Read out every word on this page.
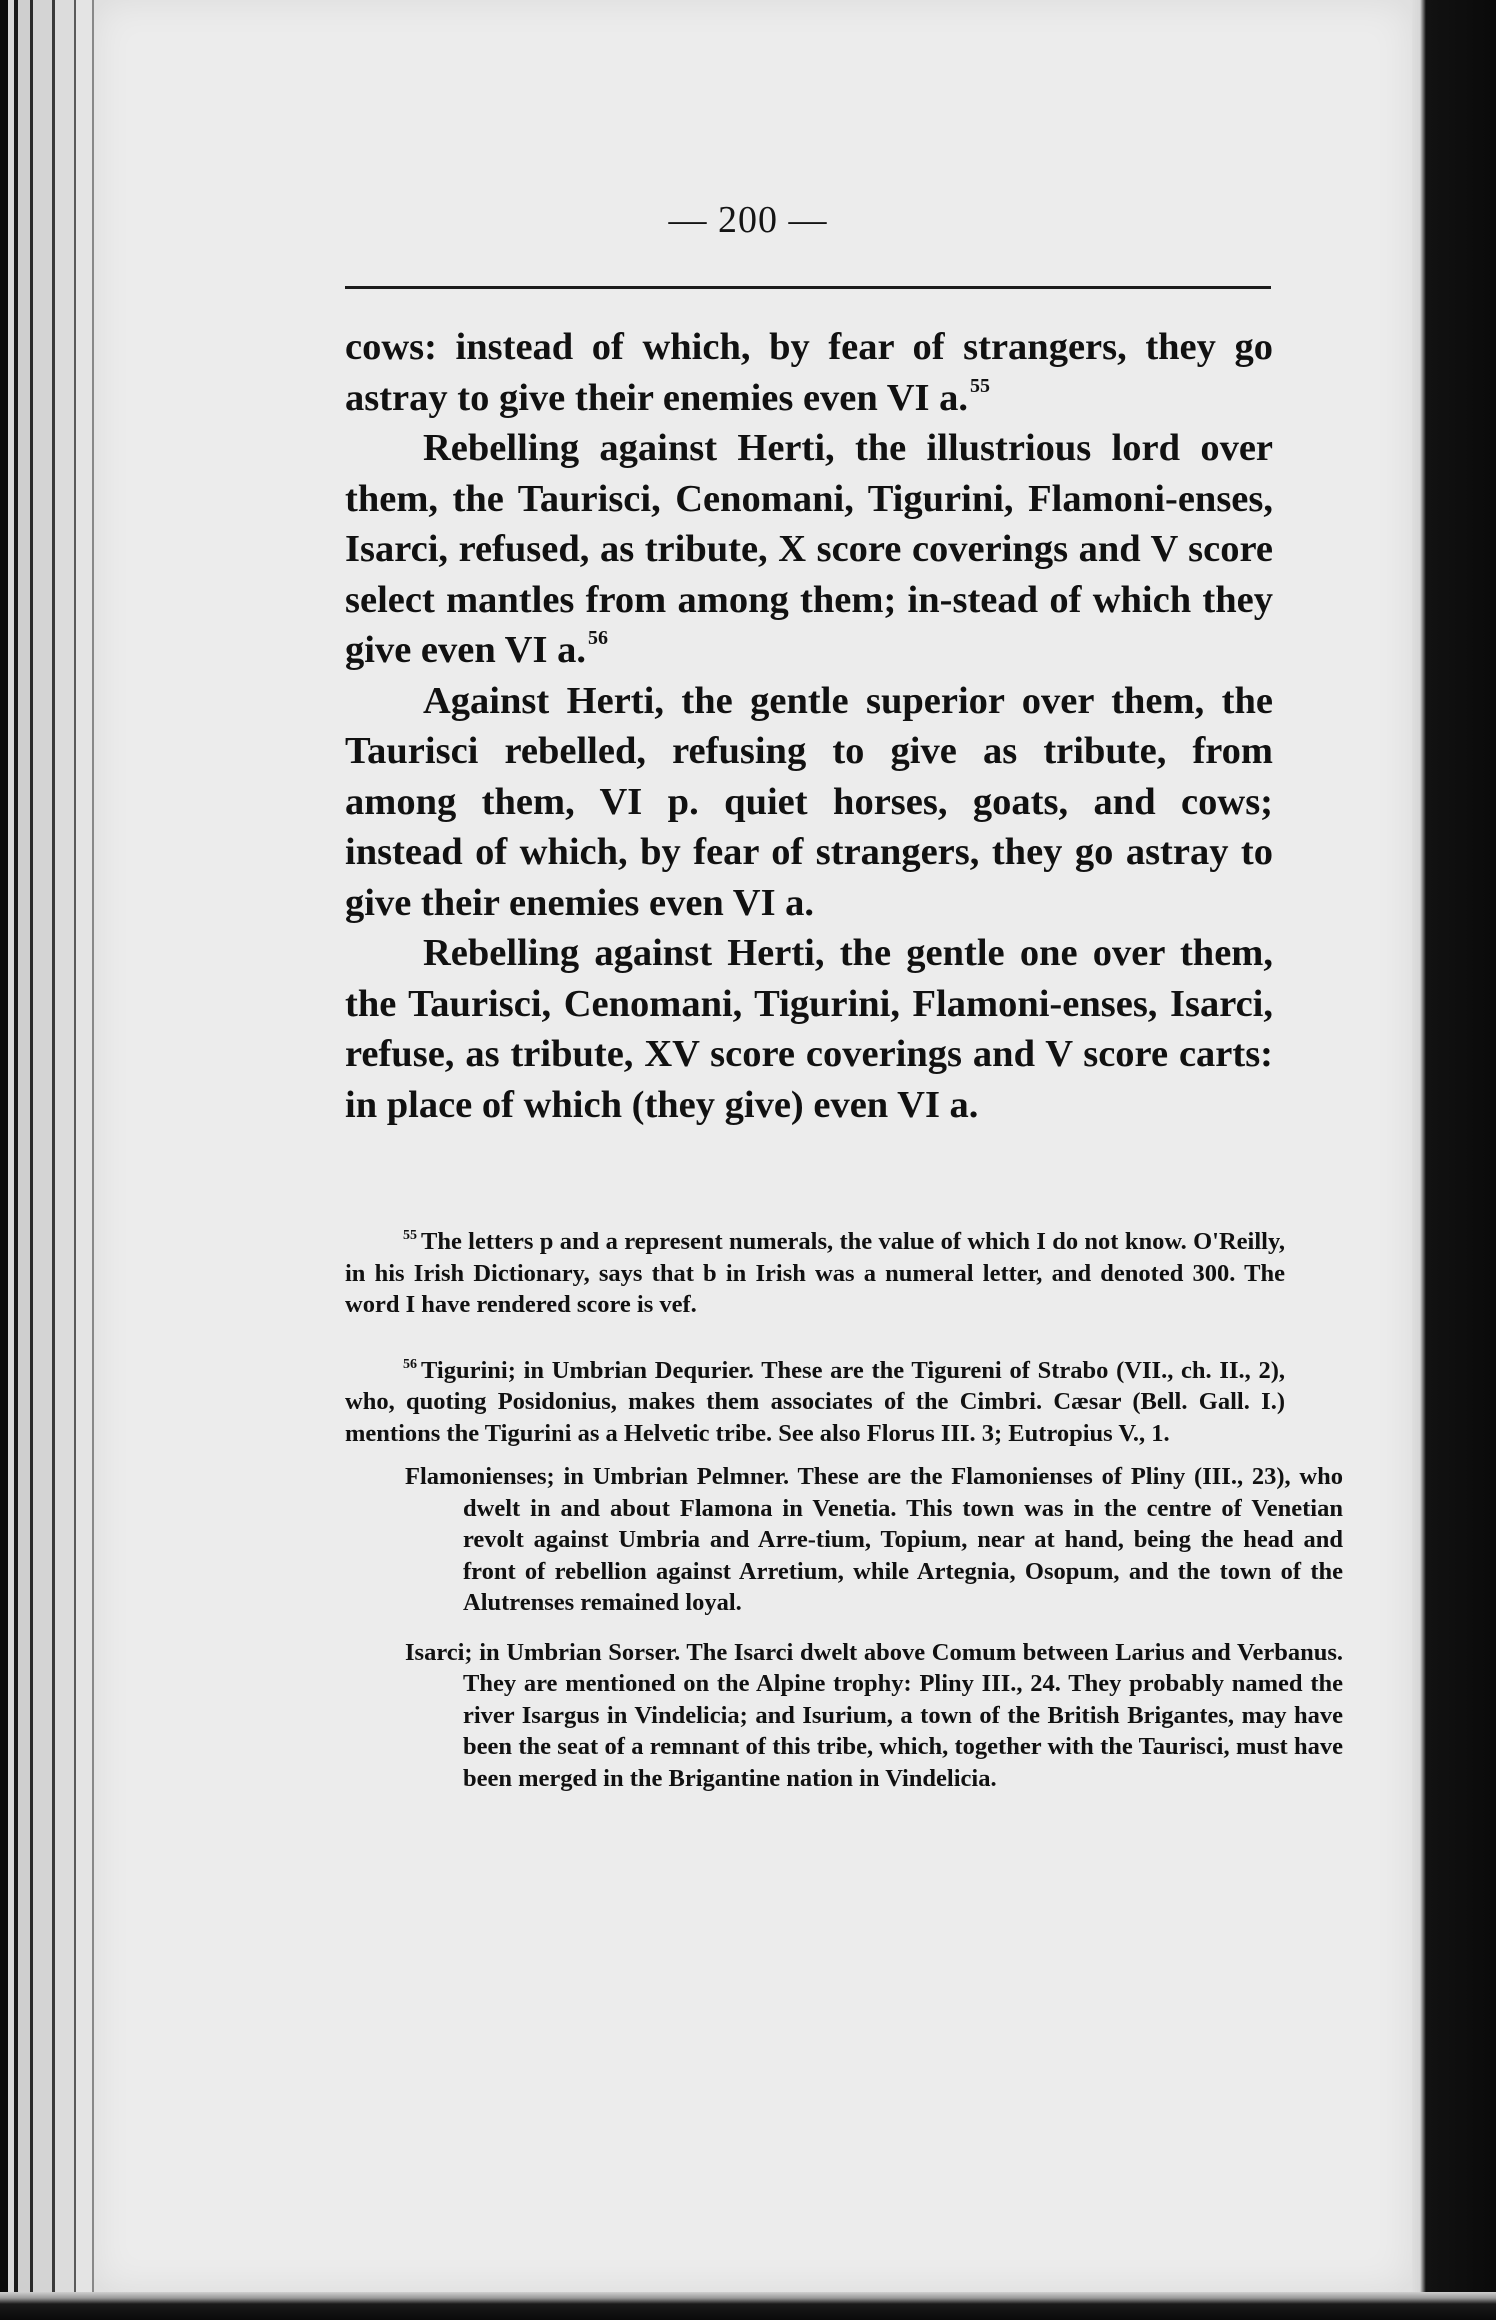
— 200 —

cows: instead of which, by fear of strangers, they go astray to give their enemies even VI a. $^{55}$

Rebelling against Herti, the illustrious lord over them, the Taurisci, Cenomani, Tigurini, Flamoni-enses, Isarci, refused, as tribute, X score coverings and V score select mantles from among them; in-stead of which they give even VI a. $^{56}$

Against Herti, the gentle superior over them, the Taurisci rebelled, refusing to give as tribute, from among them, VI p. quiet horses, goats, and cows; instead of which, by fear of strangers, they go astray to give their enemies even VI a.

Rebelling against Herti, the gentle one over them, the Taurisci, Cenomani, Tigurini, Flamoni-enses, Isarci, refuse, as tribute, XV score coverings and V score carts: in place of which (they give) even VI a.

$^{55}$ The letters p and a represent numerals, the value of which I do not know. O'Reilly, in his Irish Dictionary, says that b in Irish was a numeral letter, and denoted 300. The word I have rendered score is vef.

$^{56}$ Tigurini; in Umbrian Dequrier. These are the Tigureni of Strabo (VII., ch. II., 2), who, quoting Posidonius, makes them associates of the Cimbri. Cæsar (Bell. Gall. I.) mentions the Tigurini as a Helvetic tribe. See also Florus III. 3; Eutropius V., 1.

Flamonienses; in Umbrian Pelmner. These are the Flamonienses of Pliny (III., 23), who dwelt in and about Flamona in Venetia. This town was in the centre of Venetian revolt against Umbria and Arre-tium, Topium, near at hand, being the head and front of rebellion against Arretium, while Artegnia, Osopum, and the town of the Alutrenses remained loyal.

Isarci; in Umbrian Sorser. The Isarci dwelt above Comum between Larius and Verbanus. They are mentioned on the Alpine trophy: Pliny III., 24. They probably named the river Isargus in Vindelicia; and Isurium, a town of the British Brigantes, may have been the seat of a remnant of this tribe, which, together with the Taurisci, must have been merged in the Brigantine nation in Vindelicia.
